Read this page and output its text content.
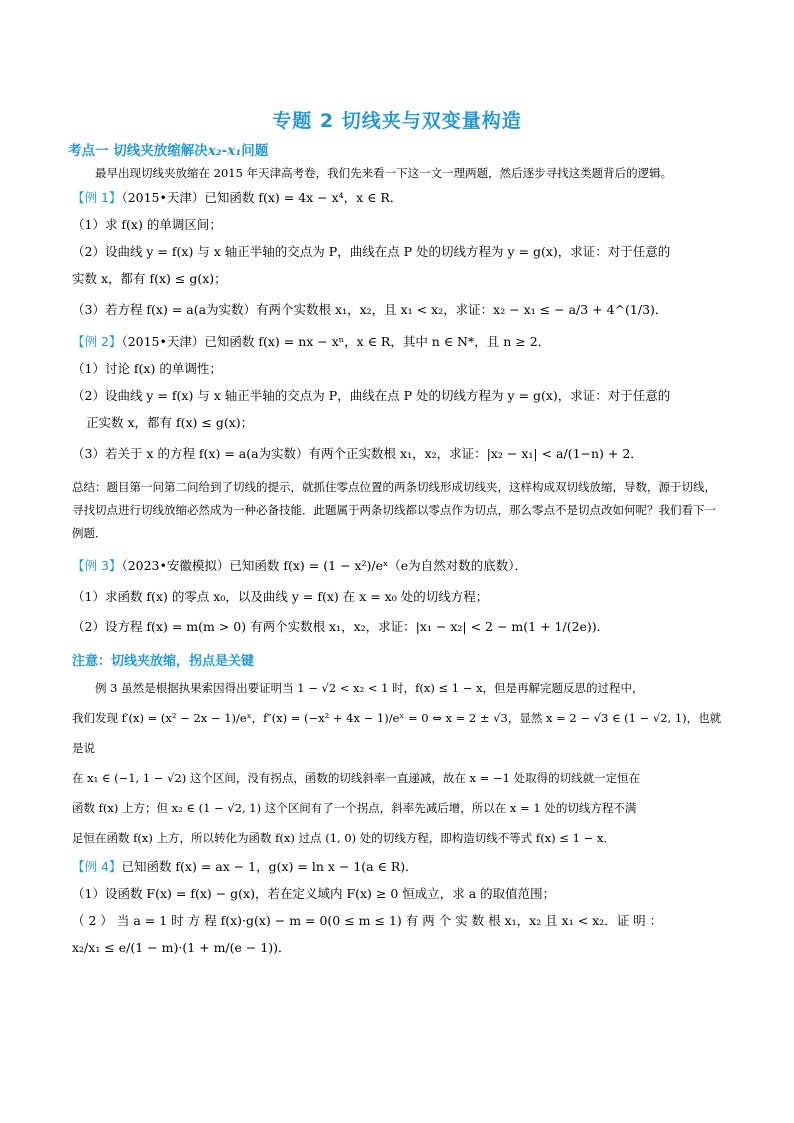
专题 2 切线夹与双变量构造
考点一 切线夹放缩解决x₂-x₁问题

最早出现切线夹放缩在 2015 年天津高考卷，我们先来看一下这一文一理两题，然后逐步寻找这类题背后的逻辑。

【例 1】（2015•天津）已知函数 f(x) = 4x − x⁴，x ∈ R．

（1）求 f(x) 的单调区间；

（2）设曲线 y = f(x) 与 x 轴正半轴的交点为 P，曲线在点 P 处的切线方程为 y = g(x)，求证：对于任意的

实数 x，都有 f(x) ≤ g(x)；

（3）若方程 f(x) = a(a为实数）有两个实数根 x₁，x₂，且 x₁ < x₂，求证：x₂ − x₁ ≤ − a/3 + 4^(1/3)．

【例 2】（2015•天津）已知函数 f(x) = nx − xⁿ，x ∈ R，其中 n ∈ N*，且 n ≥ 2．

（1）讨论 f(x) 的单调性；

（2）设曲线 y = f(x) 与 x 轴正半轴的交点为 P，曲线在点 P 处的切线方程为 y = g(x)，求证：对于任意的

正实数 x，都有 f(x) ≤ g(x)；

（3）若关于 x 的方程 f(x) = a(a为实数）有两个正实数根 x₁，x₂，求证：|x₂ − x₁| < a/(1−n) + 2．

总结：题目第一问第二问给到了切线的提示，就抓住零点位置的两条切线形成切线夹，这样构成双切线放缩，导数，源于切线，寻找切点进行切线放缩必然成为一种必备技能．此题属于两条切线都以零点作为切点，那么零点不是切点改如何呢？我们看下一例题．

【例 3】（2023•安徽模拟）已知函数 f(x) = (1 − x²)/eˣ（e为自然对数的底数）．

（1）求函数 f(x) 的零点 x₀，以及曲线 y = f(x) 在 x = x₀ 处的切线方程；

（2）设方程 f(x) = m(m > 0) 有两个实数根 x₁，x₂，求证：|x₁ − x₂| < 2 − m(1 + 1/(2e))．

注意：切线夹放缩，拐点是关键

例 3 虽然是根据执果索因得出要证明当 1 − √2 < x₂ < 1 时，f(x) ≤ 1 − x，但是再解完题反思的过程中，

我们发现 f′(x) = (x² − 2x − 1)/eˣ，f″(x) = (−x² + 4x − 1)/eˣ = 0 ⇔ x = 2 ± √3，显然 x = 2 − √3 ∈ (1 − √2, 1)，也就是说

在 x₁ ∈ (−1, 1 − √2) 这个区间，没有拐点，函数的切线斜率一直递减，故在 x = −1 处取得的切线就一定恒在

函数 f(x) 上方；但 x₂ ∈ (1 − √2, 1) 这个区间有了一个拐点，斜率先减后增，所以在 x = 1 处的切线方程不满

足恒在函数 f(x) 上方，所以转化为函数 f(x) 过点 (1, 0) 处的切线方程，即构造切线不等式 f(x) ≤ 1 − x．

【例 4】已知函数 f(x) = ax − 1，g(x) = ln x − 1(a ∈ R)．

（1）设函数 F(x) = f(x) − g(x)，若在定义域内 F(x) ≥ 0 恒成立，求 a 的取值范围；

（ 2 ） 当 a = 1 时 方 程 f(x)·g(x) − m = 0(0 ≤ m ≤ 1) 有 两 个 实 数 根 x₁，x₂ 且 x₁ < x₂．证 明 ：

x₂/x₁ ≤ e/(1 − m)·(1 + m/(e − 1))．
